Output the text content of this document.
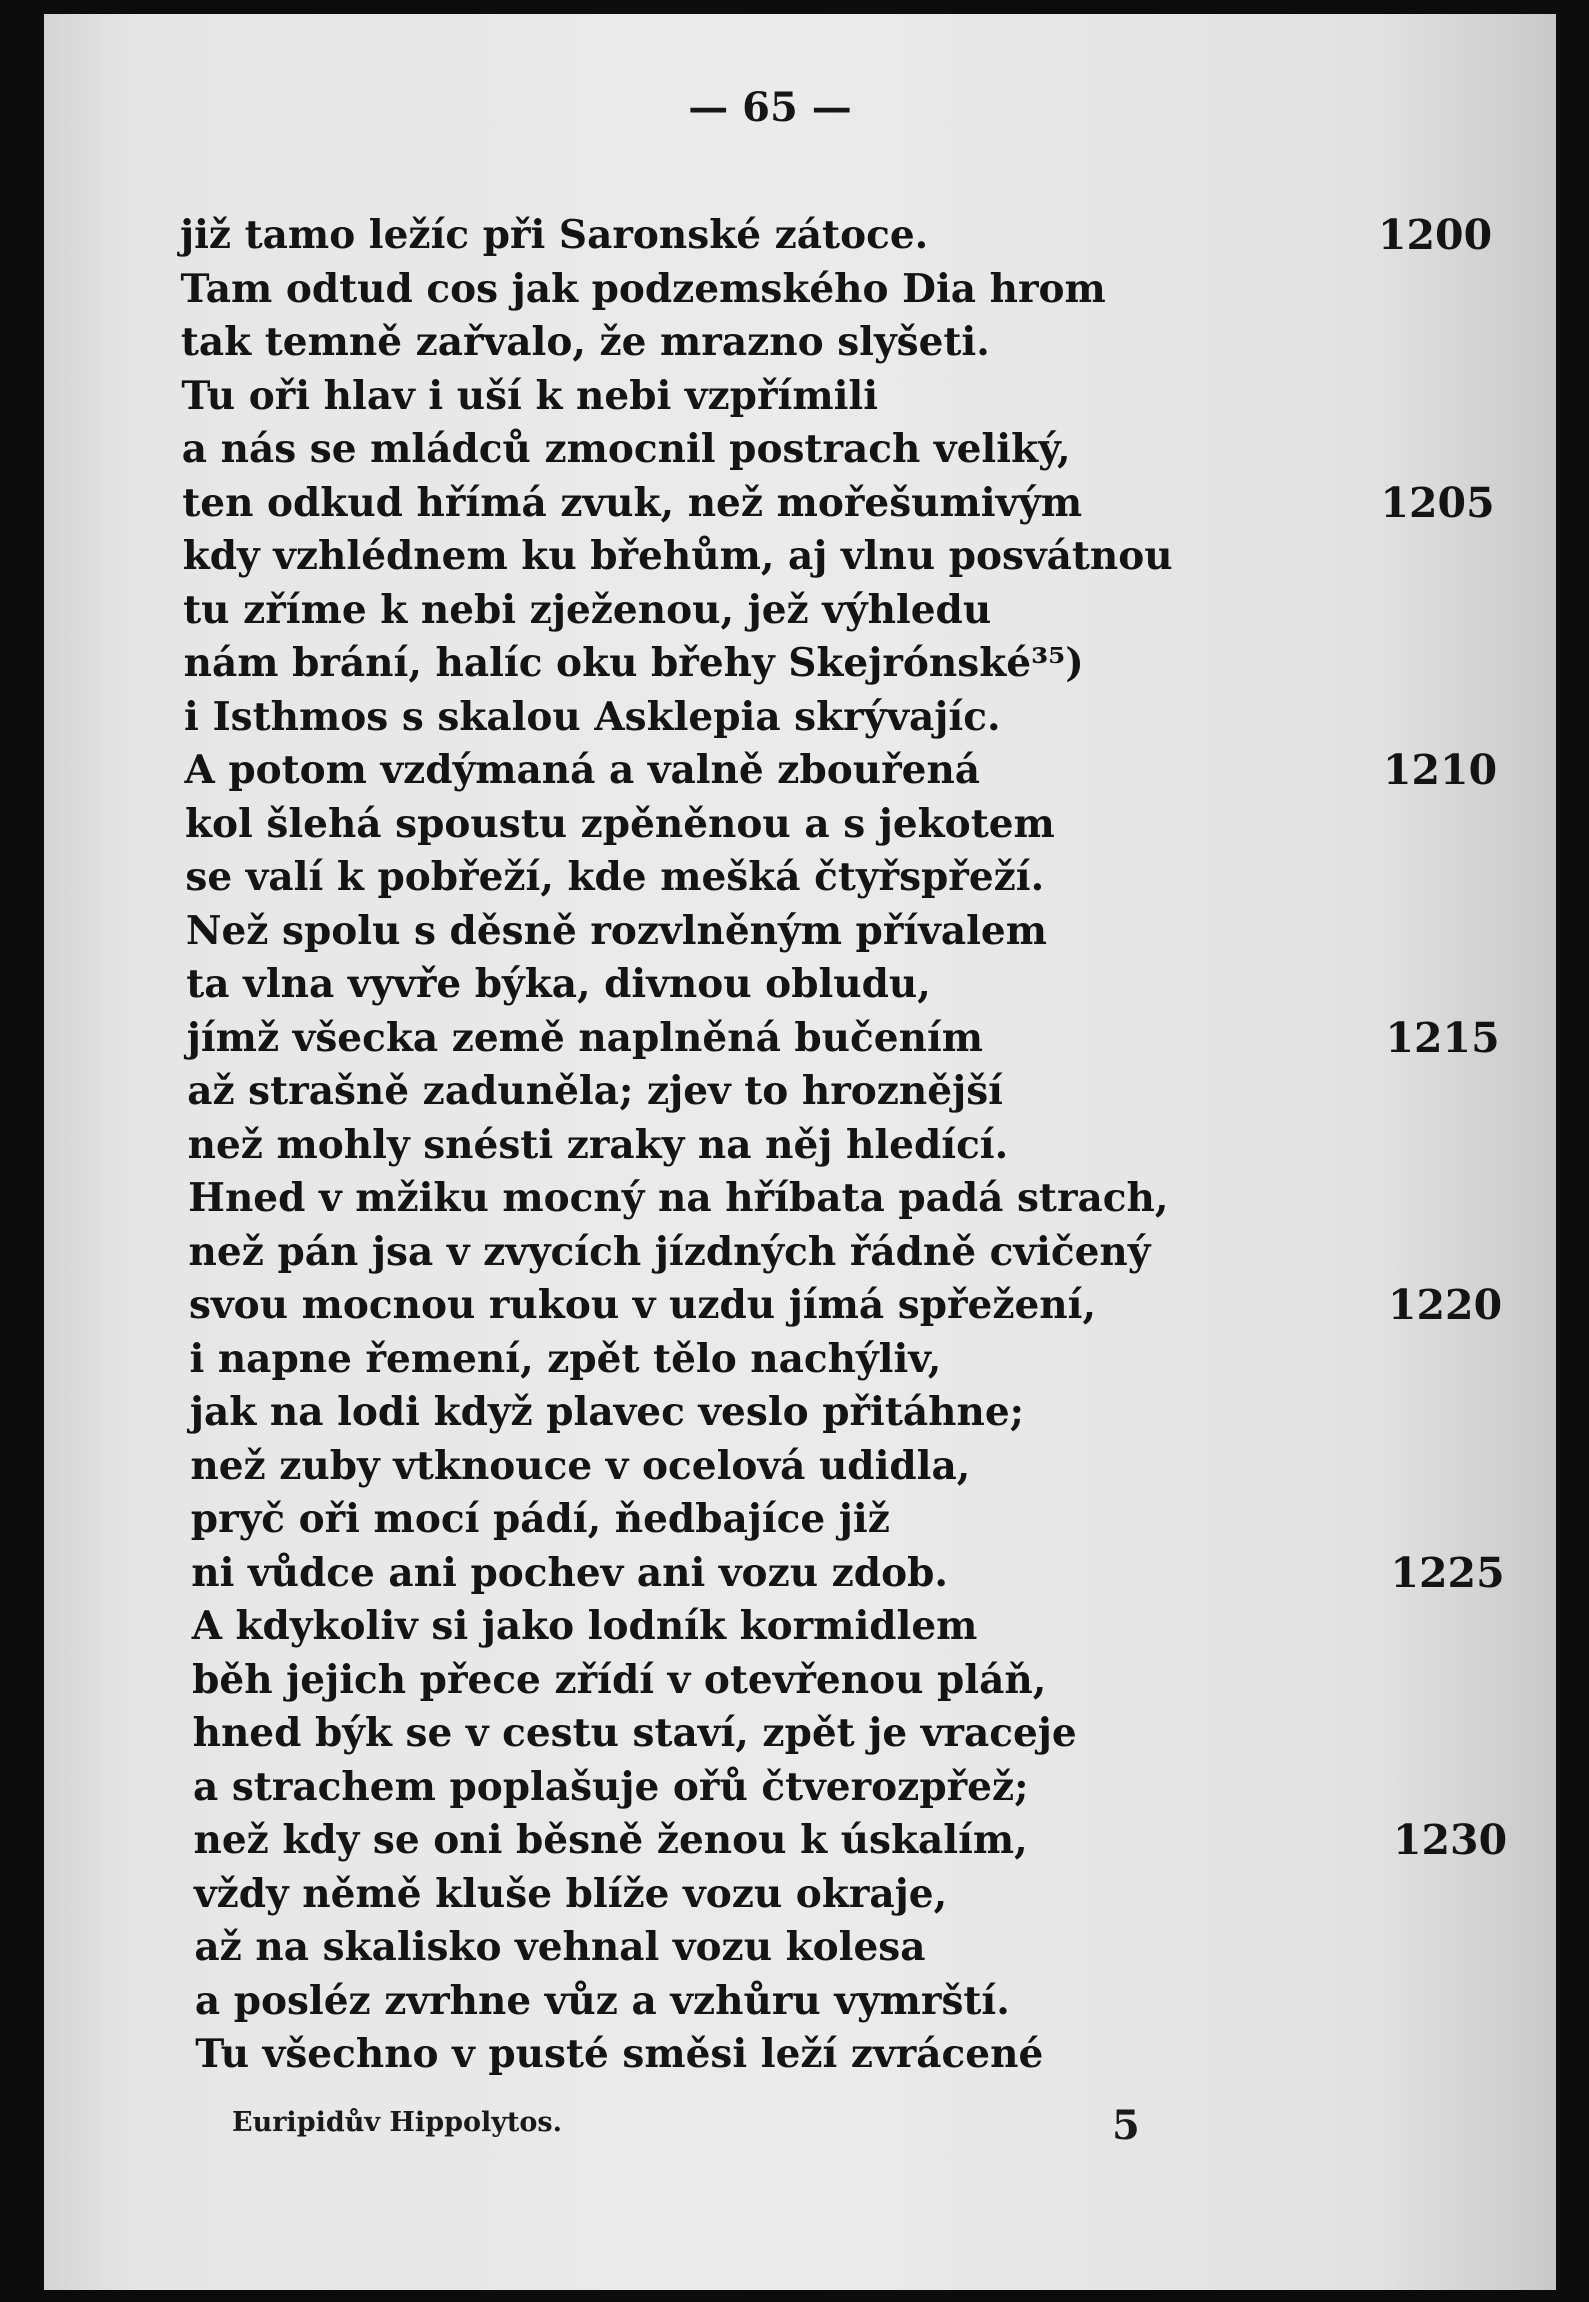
— 65 —
již tamo ležíc při Saronské zátoce.	1200
Tam odtud cos jak podzemského Dia hrom
tak temně zařvalo, že mrazno slyšeti.
Tu oři hlav i uší k nebi vzpřímili
a nás se mládců zmocnil postrach veliký,
ten odkud hřímá zvuk, než mořešumivým	1205
kdy vzhlédnem ku břehům, aj vlnu posvátnou
tu zříme k nebi zježenou, jež výhledu
nám brání, halíc oku břehy Skejrónské³⁵)
i Isthmos s skalou Asklepia skrývajíc.
A potom vzdýmaná a valně zbouřená	1210
kol šlehá spoustu zpěněnou a s jekotem
se valí k pobřeží, kde mešká čtyřspřeží.
Než spolu s děsně rozvlněným přívalem
ta vlna vyvře býka, divnou obludu,
jímž všecka země naplněná bučením	1215
až strašně zaduněla; zjev to hroznější
než mohly snésti zraky na něj hledící.
Hned v mžiku mocný na hříbata padá strach,
než pán jsa v zvycích jízdných řádně cvičený
svou mocnou rukou v uzdu jímá spřežení,	1220
i napne řemení, zpět tělo nachýliv,
jak na lodi když plavec veslo přitáhne;
než zuby vtknouce v ocelová udidla,
pryč oři mocí pádí, ňedbajíce již
ni vůdce ani pochev ani vozu zdob.	1225
A kdykoliv si jako lodník kormidlem
běh jejich přece zřídí v otevřenou pláň,
hned býk se v cestu staví, zpět je vraceje
a strachem poplašuje ořů čtverozpřež;
než kdy se oni běsně ženou k úskalím,	1230
vždy němě kluše blíže vozu okraje,
až na skalisko vehnal vozu kolesa
a posléz zvrhne vůz a vzhůru vymrští.
Tu všechno v pusté směsi leží zvrácené
Euripidův Hippolytos.	5
